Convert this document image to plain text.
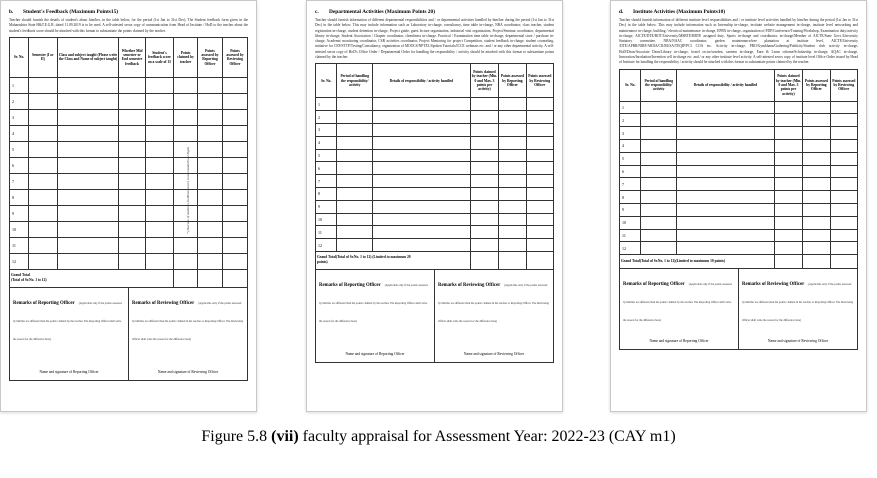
b. Student's Feedback (Maximum Points15)

Teacher should furnish the details of student's about him/her, in the table below, for the period (1st Jan to 31st Dec), The Student feedback form given in the Maharashtra State H&T.E.G.R. dated 11.09.2019 is to be used. A self-attested xerox copy of communication from Head of Institute / HoD to the teacher about the student's feedback score should be attached with this format to substantiate the points claimed by the teacher.

Sr. No.	Semester (I or II)	Class and subject taught (Please write the Class and Name of subject taught)	Whether Mid semester or End semester feedback	Student's feedback score on a scale of 15	Points claimed by teacher	Points assessed by Reporting Officer	Points assessed by Reviewing Officer
1							
2							
3							
4							
5							
6							
7							
8							
9							
10							
11							
12							

Grand Total
(Total of Sr.No. 1 to 12)							

* (Average of student's feedback score) to be rounded to 2 digits
Remarks of Reporting Officer (Applicable only if the points assessed by him/her are different than the points claimed by the teacher. The Reporting Officer shall write the reason for the difference here)
Name and signature of Reporting Officer
Remarks of Reviewing Officer (Applicable only if the points assessed by him/her are different than the points claimed in the teacher or Reporting Officer. The Reviewing Officer shall write the reason for the difference here)
Name and signature of Reviewing Officer
c. Departmental Activities (Maximum Points 20)

Teacher should furnish information of different departmental responsibilities and / or departmental activities handled by him/her during the period (1st Jan to 31st Dec) in the table below. This may include information such as Laboratory in-charge, consultancy, time table in-charge, NBA coordinator, class teacher, student registration in-charge, student detention in-charge, Project guide, guest lecture organization, industrial visit organization, Project/Seminar coordinator, departmental library in-charge, Student Association / Chapter coordinator, cleanliness in-charge, Practical / Examination time table in-charge, departmental store / purchase in-charge, Academic monitoring coordinator, CSR activities coordinator, Project Mentoring for project Competition, student feedback in-charge, student counseling, initiative for CEP/STTP/Testing/Consultancy, organization of MOOCS/NPTEL/Spoken Tutorials/ICCE webinars etc. and / or any other departmental activity. A self-attested xerox copy of HoD's Office Order / Departmental Order for handling the responsibility / activity should be attached with this format to substantiate points claimed by the teacher.

Sr. No.	Period of handling the responsibility/ activity	Details of responsibility / activity handled	Points claimed by teacher (Min. 0 and Max. 3 points per activity)	Points assessed by Reporting Officer	Points assessed by Reviewing Officer
1					
2					
3					
4					
5					
6					
7					
8					
9					
10					
11					
12					

Grand Total(Total of Sr.No. 1 to 12) (Limited to maximum 20
points)					

Remarks of Reporting Officer (Applicable only if the points assessed by him/her are different than the points claimed by the teacher. The Reporting Officer shall write the reason for the difference here)
Name and signature of Reporting Officer
Remarks of Reviewing Officer (Applicable only if the points assessed by him/her are different than the points claimed in the teacher or Reporting Officer. The Reviewing Officer shall write the reason for the difference here)
Name and signature of Reviewing Officer
d. Institute Activities (Maximum Points10)

Teacher should furnish information of different institute level responsibilities and / or institute level activities handled by him/her during the period (1st Jan to 31st Dec) in the table below. This may include information such as Internship in-charge, institute website management in-charge, institute level networking and maintenance in-charge, building / electrical maintenance in-charge, EPBX in-charge, organization of FDP/Conference/Training/Workshop, Examination duty/activity in-charge, AICTE/DTE/BOT/University/MSBTE/BBTE assigned duty, Sports in-charge and coordinator, in-charge/Member of AICTE/State Govt./University Statutory committee, NBA/NAAC coordinator, garden maintenance/tree plantation at institute level, AICTE/University /DTE/APBR/NIRF/ARIIA/CII/RUSA/TEQIP/PCI COA etc. Activity in-charge, PRO/Gymkhana/Gathering/Publicity/Student club activity in-charge, HoD/Dean/Associate Dean/Library in-charge, hostel rector/warden, canteen in-charge, Earn & Learn scheme/Scholarship in-charge, AQAC in-charge, Innovation/Incubation/Invention cell in-charge etc. and / or any other institute level activity. A self-attested xerox copy of institute level Office Order issued by Head of Institute for handling the responsibility / activity should be attached with this format to substantiate points claimed by the teacher.

Sr. No.	Period of handling the responsibility/ activity	Details of responsibility / activity handled	Points claimed by teacher (Min. 0 and Max. 3 points per activity)	Points assessed by Reporting Officer	Points assessed by Reviewing Officer
1					
2					
3					
4					
5					
6					
7					
8					
9					
10					
11					
12					

Grand Total(Total of Sr.No. 1 to 12)(Limited to maximum 10 points)					

Remarks of Reporting Officer (Applicable only if the points assessed by him/her are different than the points claimed by the teacher. The Reporting Officer shall write the reason for the difference here)
Name and signature of Reporting Officer
Remarks of Reviewing Officer (Applicable only if the points assessed by him/her are different than the points claimed in the teacher or Reporting Officer. The Reviewing Officer shall write the reason for the difference here)
Name and signature of Reviewing Officer
Figure 5.8 (vii) faculty appraisal for Assessment Year: 2022-23 (CAY m1)
